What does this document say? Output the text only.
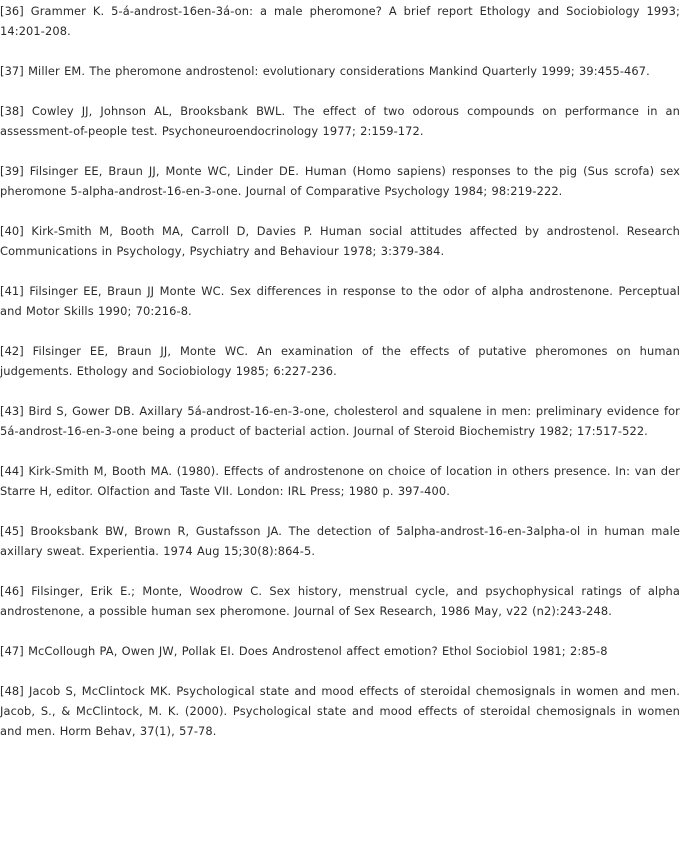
[36] Grammer K. 5-á-androst-16en-3á-on: a male pheromone? A brief report Ethology and Sociobiology 1993; 14:201-208.

[37] Miller EM. The pheromone androstenol: evolutionary considerations Mankind Quarterly 1999; 39:455-467.

[38] Cowley JJ, Johnson AL, Brooksbank BWL. The effect of two odorous compounds on performance in an assessment-of-people test. Psychoneuroendocrinology 1977; 2:159-172.

[39] Filsinger EE, Braun JJ, Monte WC, Linder DE. Human (Homo sapiens) responses to the pig (Sus scrofa) sex pheromone 5-alpha-androst-16-en-3-one. Journal of Comparative Psychology 1984; 98:219-222.

[40] Kirk-Smith M, Booth MA, Carroll D, Davies P. Human social attitudes affected by androstenol. Research Communications in Psychology, Psychiatry and Behaviour 1978; 3:379-384.

[41] Filsinger EE, Braun JJ Monte WC. Sex differences in response to the odor of alpha androstenone. Perceptual and Motor Skills 1990; 70:216-8.

[42] Filsinger EE, Braun JJ, Monte WC. An examination of the effects of putative pheromones on human judgements. Ethology and Sociobiology 1985; 6:227-236.

[43] Bird S, Gower DB. Axillary 5á-androst-16-en-3-one, cholesterol and squalene in men: preliminary evidence for 5á-androst-16-en-3-one being a product of bacterial action. Journal of Steroid Biochemistry 1982; 17:517-522.

[44] Kirk-Smith M, Booth MA. (1980). Effects of androstenone on choice of location in others presence. In: van der Starre H, editor. Olfaction and Taste VII. London: IRL Press; 1980 p. 397-400.

[45] Brooksbank BW, Brown R, Gustafsson JA. The detection of 5alpha-androst-16-en-3alpha-ol in human male axillary sweat. Experientia. 1974 Aug 15;30(8):864-5.

[46] Filsinger, Erik E.; Monte, Woodrow C. Sex history, menstrual cycle, and psychophysical ratings of alpha androstenone, a possible human sex pheromone. Journal of Sex Research, 1986 May, v22 (n2):243-248.

[47] McCollough PA, Owen JW, Pollak EI. Does Androstenol affect emotion? Ethol Sociobiol 1981; 2:85-8

[48] Jacob S, McClintock MK. Psychological state and mood effects of steroidal chemosignals in women and men. Jacob, S., & McClintock, M. K. (2000). Psychological state and mood effects of steroidal chemosignals in women and men. Horm Behav, 37(1), 57-78.
